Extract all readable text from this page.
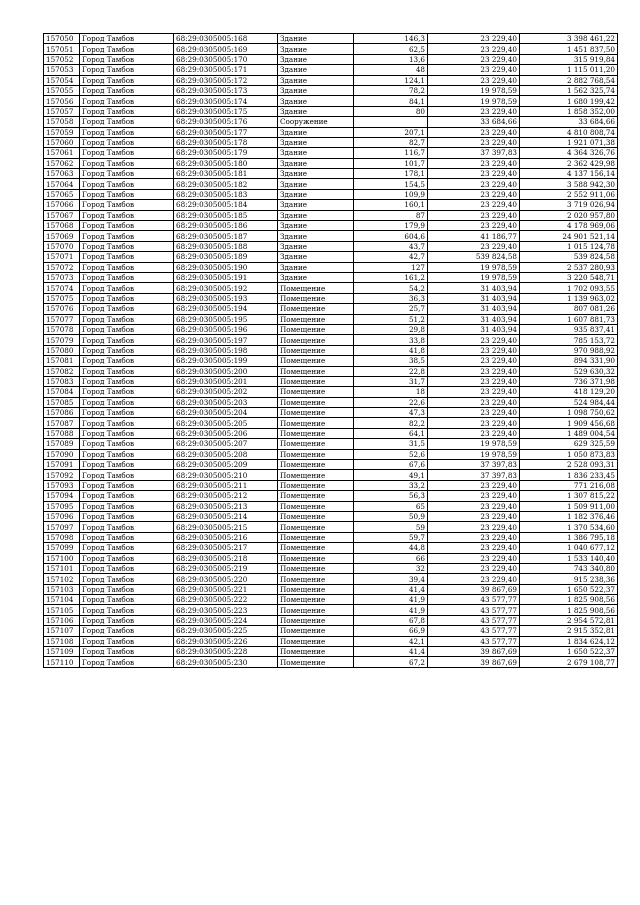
157050	Город Тамбов	68:29:0305005:168	Здание	146,3	23 229,40	3 398 461,22
157051	Город Тамбов	68:29:0305005:169	Здание	62,5	23 229,40	1 451 837,50
157052	Город Тамбов	68:29:0305005:170	Здание	13,6	23 229,40	315 919,84
157053	Город Тамбов	68:29:0305005:171	Здание	48	23 229,40	1 115 011,20
157054	Город Тамбов	68:29:0305005:172	Здание	124,1	23 229,40	2 882 768,54
157055	Город Тамбов	68:29:0305005:173	Здание	78,2	19 978,59	1 562 325,74
157056	Город Тамбов	68:29:0305005:174	Здание	84,1	19 978,59	1 680 199,42
157057	Город Тамбов	68:29:0305005:175	Здание	80	23 229,40	1 858 352,00
157058	Город Тамбов	68:29:0305005:176	Сооружение		33 684,66	33 684,66
157059	Город Тамбов	68:29:0305005:177	Здание	207,1	23 229,40	4 810 808,74
157060	Город Тамбов	68:29:0305005:178	Здание	82,7	23 229,40	1 921 071,38
157061	Город Тамбов	68:29:0305005:179	Здание	116,7	37 397,83	4 364 326,76
157062	Город Тамбов	68:29:0305005:180	Здание	101,7	23 229,40	2 362 429,98
157063	Город Тамбов	68:29:0305005:181	Здание	178,1	23 229,40	4 137 156,14
157064	Город Тамбов	68:29:0305005:182	Здание	154,5	23 229,40	3 588 942,30
157065	Город Тамбов	68:29:0305005:183	Здание	109,9	23 229,40	2 552 911,06
157066	Город Тамбов	68:29:0305005:184	Здание	160,1	23 229,40	3 719 026,94
157067	Город Тамбов	68:29:0305005:185	Здание	87	23 229,40	2 020 957,80
157068	Город Тамбов	68:29:0305005:186	Здание	179,9	23 229,40	4 178 969,06
157069	Город Тамбов	68:29:0305005:187	Здание	604,6	41 186,77	24 901 521,14
157070	Город Тамбов	68:29:0305005:188	Здание	43,7	23 229,40	1 015 124,78
157071	Город Тамбов	68:29:0305005:189	Здание	42,7	539 824,58	539 824,58
157072	Город Тамбов	68:29:0305005:190	Здание	127	19 978,59	2 537 280,93
157073	Город Тамбов	68:29:0305005:191	Здание	161,2	19 978,59	3 220 548,71
157074	Город Тамбов	68:29:0305005:192	Помещение	54,2	31 403,94	1 702 093,55
157075	Город Тамбов	68:29:0305005:193	Помещение	36,3	31 403,94	1 139 963,02
157076	Город Тамбов	68:29:0305005:194	Помещение	25,7	31 403,94	807 081,26
157077	Город Тамбов	68:29:0305005:195	Помещение	51,2	31 403,94	1 607 881,73
157078	Город Тамбов	68:29:0305005:196	Помещение	29,8	31 403,94	935 837,41
157079	Город Тамбов	68:29:0305005:197	Помещение	33,8	23 229,40	785 153,72
157080	Город Тамбов	68:29:0305005:198	Помещение	41,8	23 229,40	970 988,92
157081	Город Тамбов	68:29:0305005:199	Помещение	38,5	23 229,40	894 331,90
157082	Город Тамбов	68:29:0305005:200	Помещение	22,8	23 229,40	529 630,32
157083	Город Тамбов	68:29:0305005:201	Помещение	31,7	23 229,40	736 371,98
157084	Город Тамбов	68:29:0305005:202	Помещение	18	23 229,40	418 129,20
157085	Город Тамбов	68:29:0305005:203	Помещение	22,6	23 229,40	524 984,44
157086	Город Тамбов	68:29:0305005:204	Помещение	47,3	23 229,40	1 098 750,62
157087	Город Тамбов	68:29:0305005:205	Помещение	82,2	23 229,40	1 909 456,68
157088	Город Тамбов	68:29:0305005:206	Помещение	64,1	23 229,40	1 489 004,54
157089	Город Тамбов	68:29:0305005:207	Помещение	31,5	19 978,59	629 325,59
157090	Город Тамбов	68:29:0305005:208	Помещение	52,6	19 978,59	1 050 873,83
157091	Город Тамбов	68:29:0305005:209	Помещение	67,6	37 397,83	2 528 093,31
157092	Город Тамбов	68:29:0305005:210	Помещение	49,1	37 397,83	1 836 233,45
157093	Город Тамбов	68:29:0305005:211	Помещение	33,2	23 229,40	771 216,08
157094	Город Тамбов	68:29:0305005:212	Помещение	56,3	23 229,40	1 307 815,22
157095	Город Тамбов	68:29:0305005:213	Помещение	65	23 229,40	1 509 911,00
157096	Город Тамбов	68:29:0305005:214	Помещение	50,9	23 229,40	1 182 376,46
157097	Город Тамбов	68:29:0305005:215	Помещение	59	23 229,40	1 370 534,60
157098	Город Тамбов	68:29:0305005:216	Помещение	59,7	23 229,40	1 386 795,18
157099	Город Тамбов	68:29:0305005:217	Помещение	44,8	23 229,40	1 040 677,12
157100	Город Тамбов	68:29:0305005:218	Помещение	66	23 229,40	1 533 140,40
157101	Город Тамбов	68:29:0305005:219	Помещение	32	23 229,40	743 340,80
157102	Город Тамбов	68:29:0305005:220	Помещение	39,4	23 229,40	915 238,36
157103	Город Тамбов	68:29:0305005:221	Помещение	41,4	39 867,69	1 650 522,37
157104	Город Тамбов	68:29:0305005:222	Помещение	41,9	43 577,77	1 825 908,56
157105	Город Тамбов	68:29:0305005:223	Помещение	41,9	43 577,77	1 825 908,56
157106	Город Тамбов	68:29:0305005:224	Помещение	67,8	43 577,77	2 954 572,81
157107	Город Тамбов	68:29:0305005:225	Помещение	66,9	43 577,77	2 915 352,81
157108	Город Тамбов	68:29:0305005:226	Помещение	42,1	43 577,77	1 834 624,12
157109	Город Тамбов	68:29:0305005:228	Помещение	41,4	39 867,69	1 650 522,37
157110	Город Тамбов	68:29:0305005:230	Помещение	67,2	39 867,69	2 679 108,77
